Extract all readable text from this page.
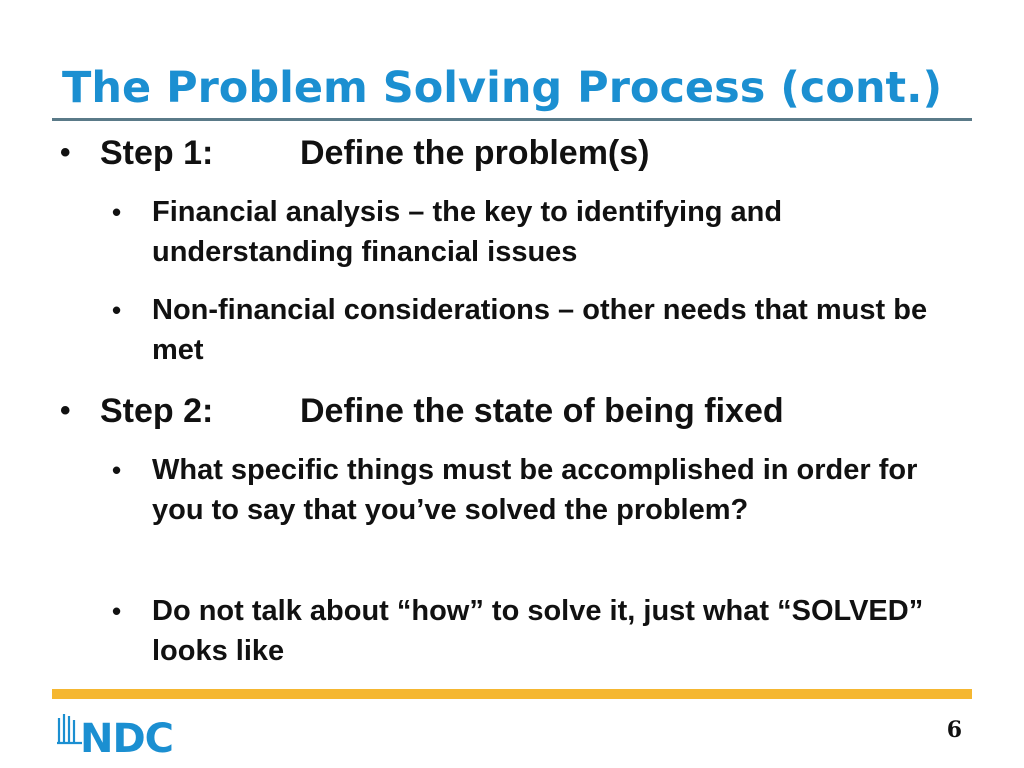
The Problem Solving Process (cont.)
• Step 1:	Define the problem(s)
• Financial analysis – the key to identifying and understanding financial issues
• Non-financial considerations – other needs that must be met
• Step 2:	Define the state of being fixed
• What specific things must be accomplished in order for you to say that you’ve solved the problem?
• Do not talk about “how” to solve it, just what “SOLVED” looks like
NDC	6
